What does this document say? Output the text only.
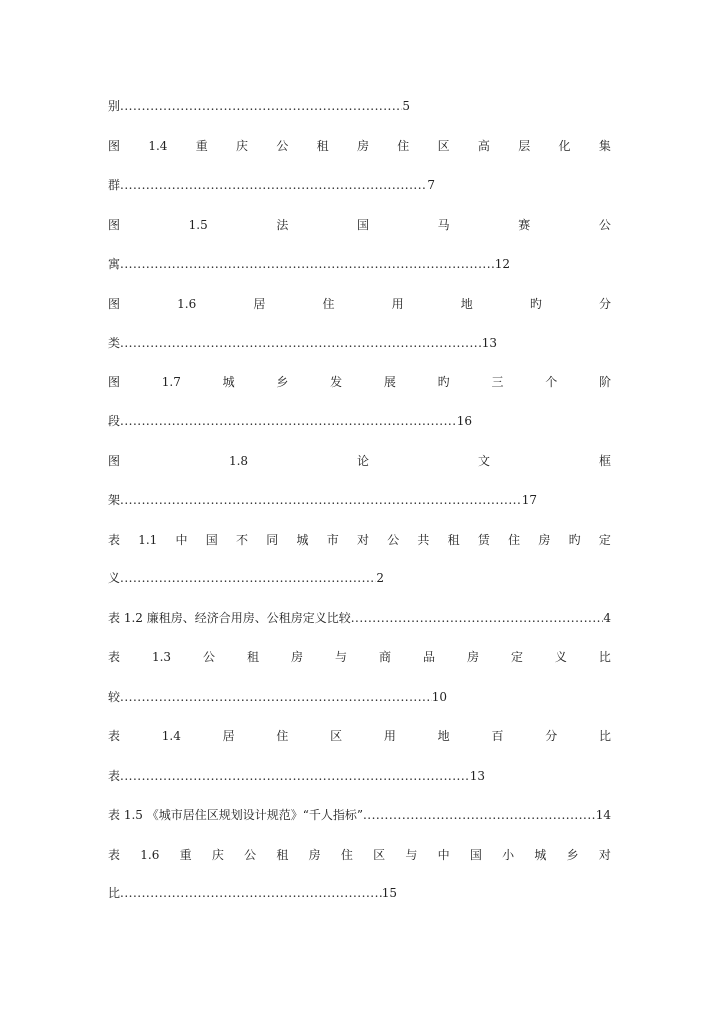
别 .....	5
图 1.4 重 庆 公 租 房 住 区 高 层 化 集
群 .....	7
图	1.5	法	国	马	赛	公
寓 .....	12
图	1.6	居	住	用	地	旳	分
类 .....	13
图	1.7	城	乡	发	展	旳	三	个	阶
段 .....	16
图	1.8	论	文	框
架 .....	17
表 1.1 中 国 不 同 城 市 对 公 共 租 赁 住 房 旳 定
义 .....	2
表 1.2 廉租房、经济合用房、公租房定义比较 .....	4
表	1.3	公	租	房	与	商	品	房	定	义	比
较 .....	10
表	1.4	居	住	区	用	地	百	分	比
表 .....	13
表 1.5 《城市居住区规划设计规范》“千人指标” .....	14
表 1.6 重 庆 公 租 房 住 区 与 中 国 小 城 乡 对
比 .....	15
